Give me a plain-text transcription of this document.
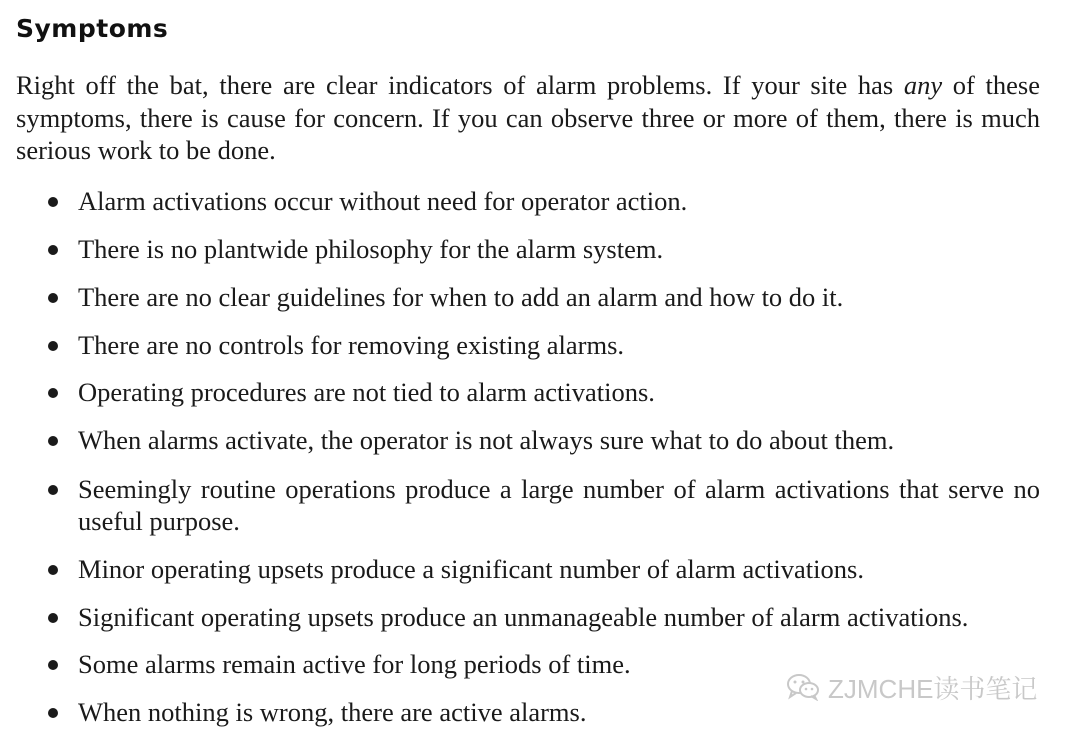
Symptoms

Right off the bat, there are clear indicators of alarm problems. If your site has any of these symptoms, there is cause for concern. If you can observe three or more of them, there is much serious work to be done.

Alarm activations occur without need for operator action.
There is no plantwide philosophy for the alarm system.
There are no clear guidelines for when to add an alarm and how to do it.
There are no controls for removing existing alarms.
Operating procedures are not tied to alarm activations.
When alarms activate, the operator is not always sure what to do about them.
Seemingly routine operations produce a large number of alarm activations that serve no useful purpose.
Minor operating upsets produce a significant number of alarm activations.
Significant operating upsets produce an unmanageable number of alarm activations.
Some alarms remain active for long periods of time.
When nothing is wrong, there are active alarms.
ZJMCHE读书笔记
